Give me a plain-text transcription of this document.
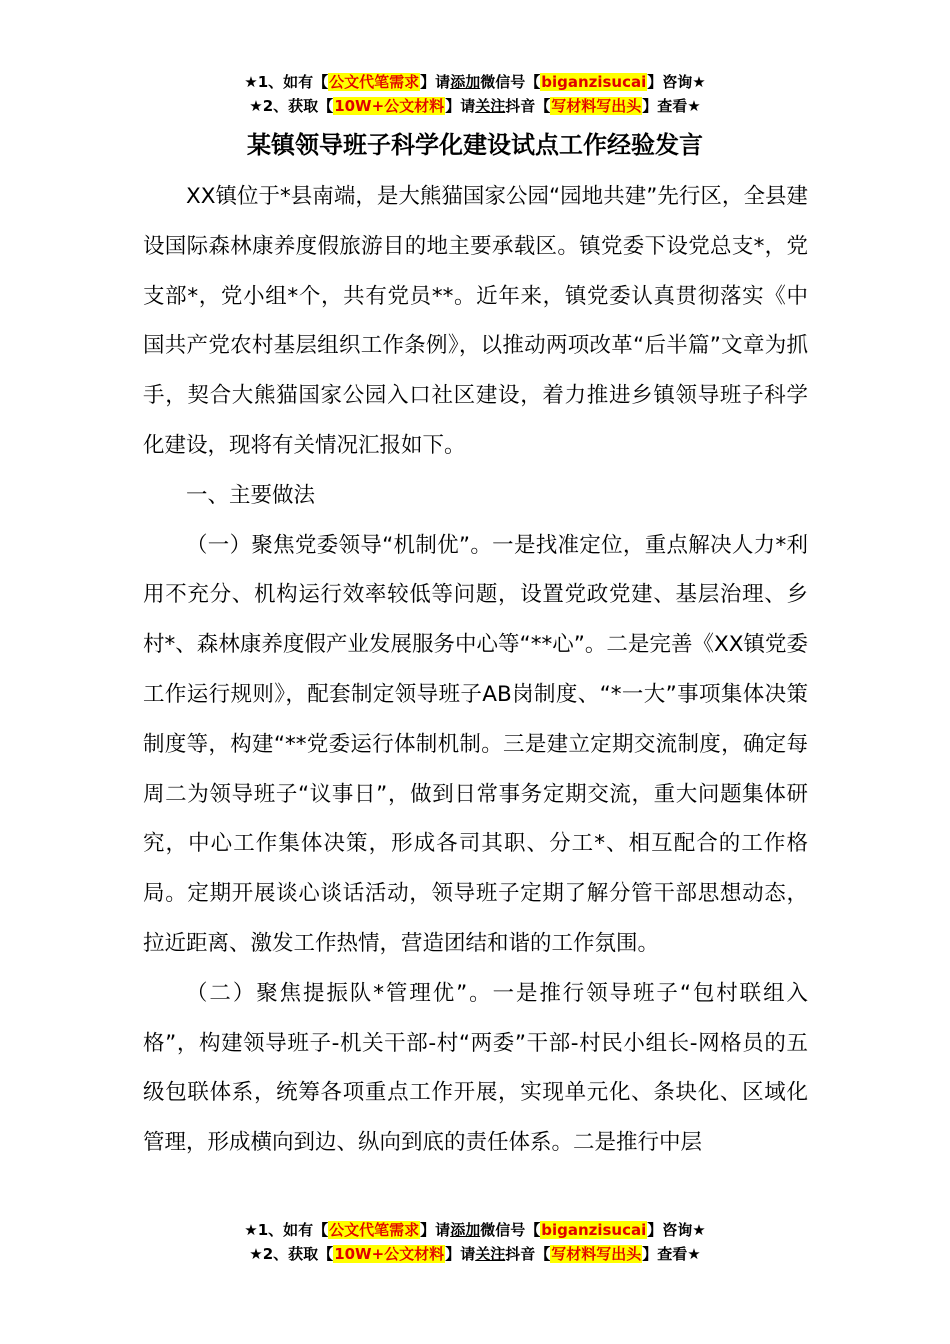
★1、如有【公文代笔需求】请添加微信号【biganzisucai】咨询★
★2、获取【10W+公文材料】请关注抖音【写材料写出头】查看★
某镇领导班子科学化建设试点工作经验发言

XX镇位于*县南端，是大熊猫国家公园“园地共建”先行区，全县建设国际森林康养度假旅游目的地主要承载区。镇党委下设党总支*，党支部*，党小组*个，共有党员**。近年来，镇党委认真贯彻落实《中国共产党农村基层组织工作条例》，以推动两项改革“后半篇”文章为抓手，契合大熊猫国家公园入口社区建设，着力推进乡镇领导班子科学化建设，现将有关情况汇报如下。

一、主要做法

（一）聚焦党委领导“机制优”。一是找准定位，重点解决人力*利用不充分、机构运行效率较低等问题，设置党政党建、基层治理、乡村*、森林康养度假产业发展服务中心等“**心”。二是完善《XX镇党委工作运行规则》，配套制定领导班子AB岗制度、“*一大”事项集体决策制度等，构建“**党委运行体制机制。三是建立定期交流制度，确定每周二为领导班子“议事日”，做到日常事务定期交流，重大问题集体研究，中心工作集体决策，形成各司其职、分工*、相互配合的工作格局。定期开展谈心谈话活动，领导班子定期了解分管干部思想动态，拉近距离、激发工作热情，营造团结和谐的工作氛围。

（二）聚焦提振队*管理优”。一是推行领导班子“包村联组入格”，构建领导班子-机关干部-村“两委”干部-村民小组长-网格员的五级包联体系，统筹各项重点工作开展，实现单元化、条块化、区域化管理，形成横向到边、纵向到底的责任体系。二是推行中层

★1、如有【公文代笔需求】请添加微信号【biganzisucai】咨询★
★2、获取【10W+公文材料】请关注抖音【写材料写出头】查看★
